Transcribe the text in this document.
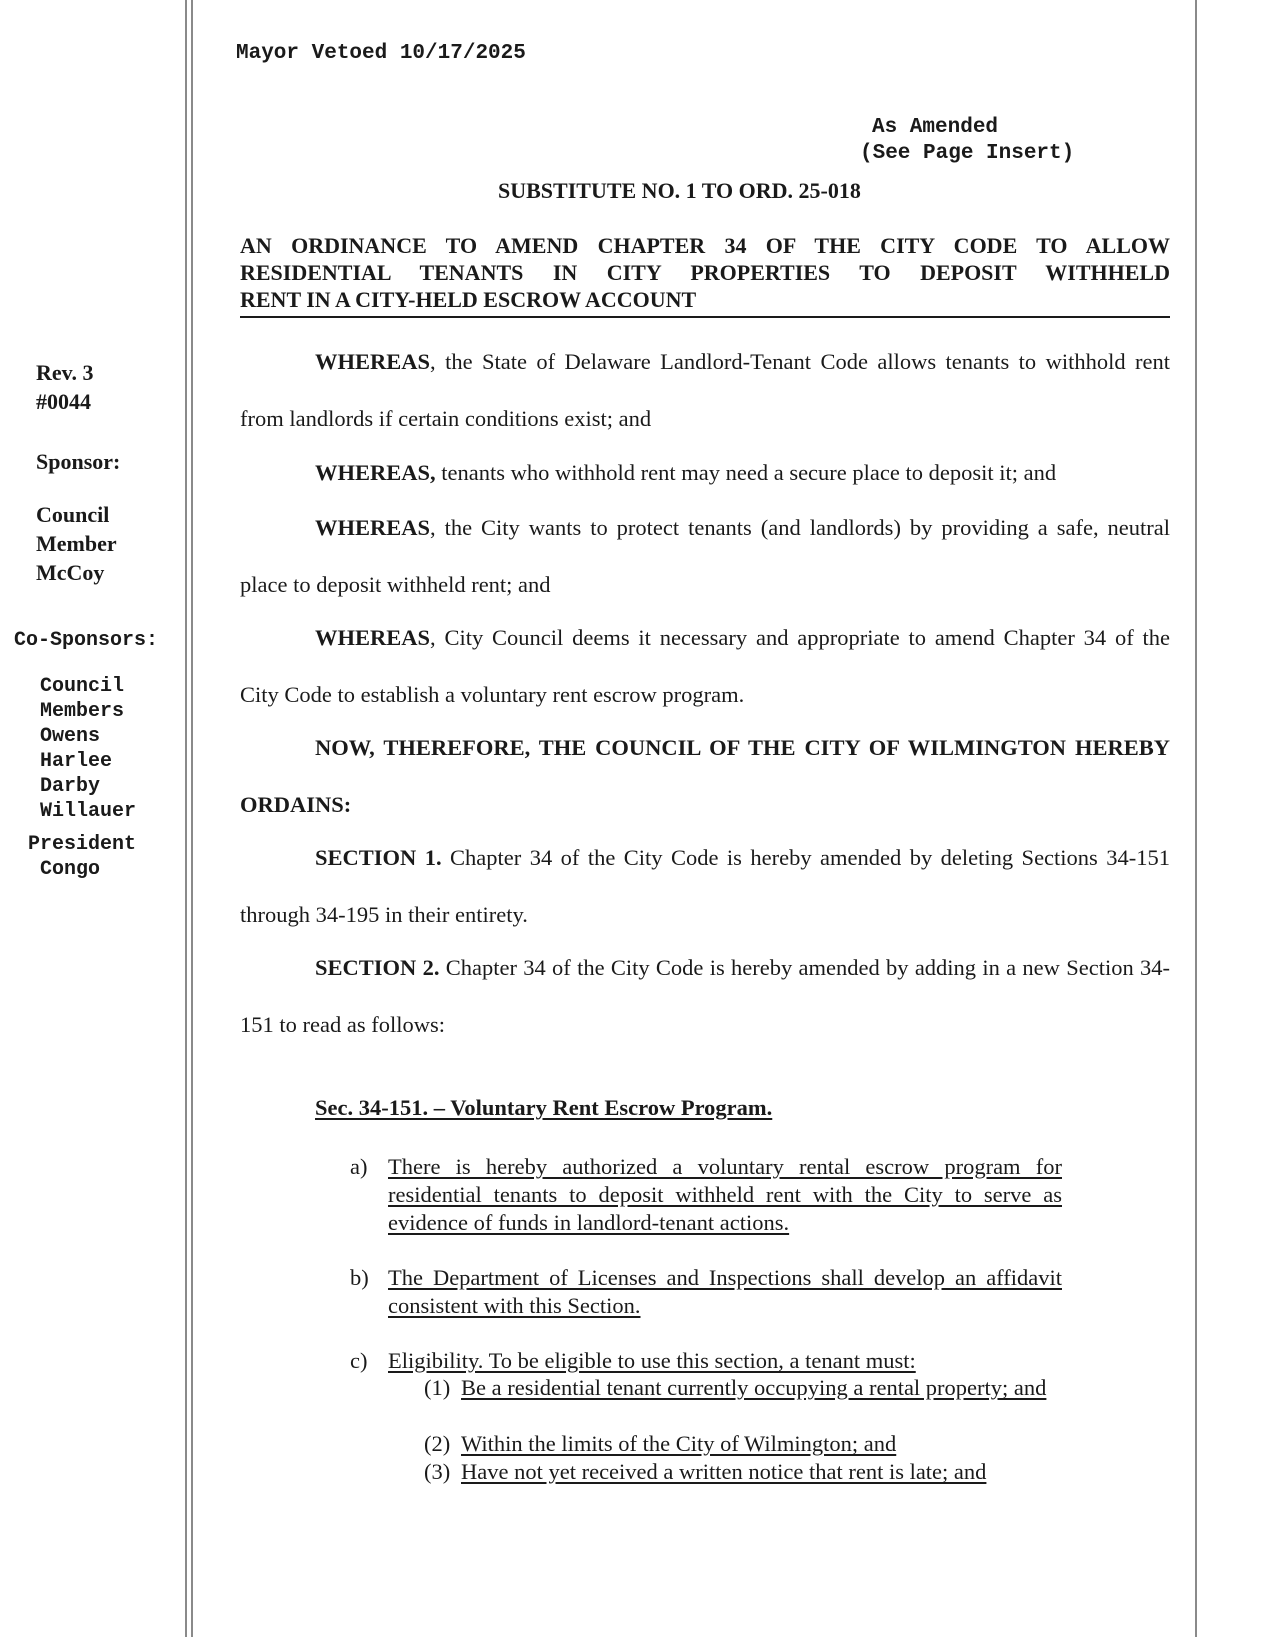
Mayor Vetoed 10/17/2025
As Amended
(See Page Insert)
SUBSTITUTE NO. 1 TO ORD. 25-018
AN ORDINANCE TO AMEND CHAPTER 34 OF THE CITY CODE TO ALLOW
RESIDENTIAL TENANTS IN CITY PROPERTIES TO DEPOSIT WITHHELD
RENT IN A CITY-HELD ESCROW ACCOUNT
Rev. 3
#0044
Sponsor:
Council
Member
McCoy
Co-Sponsors:
Council
Members
Owens
Harlee
Darby
Willauer
President
Congo
WHEREAS, the State of Delaware Landlord-Tenant Code allows tenants to withhold rent from landlords if certain conditions exist; and
WHEREAS, tenants who withhold rent may need a secure place to deposit it; and
WHEREAS, the City wants to protect tenants (and landlords) by providing a safe, neutral place to deposit withheld rent; and
WHEREAS, City Council deems it necessary and appropriate to amend Chapter 34 of the City Code to establish a voluntary rent escrow program.
NOW, THEREFORE, THE COUNCIL OF THE CITY OF WILMINGTON HEREBY ORDAINS:
SECTION 1. Chapter 34 of the City Code is hereby amended by deleting Sections 34-151 through 34-195 in their entirety.
SECTION 2. Chapter 34 of the City Code is hereby amended by adding in a new Section 34-151 to read as follows:
Sec. 34-151. – Voluntary Rent Escrow Program.
a) There is hereby authorized a voluntary rental escrow program for residential tenants to deposit withheld rent with the City to serve as evidence of funds in landlord-tenant actions.
b) The Department of Licenses and Inspections shall develop an affidavit consistent with this Section.
c) Eligibility. To be eligible to use this section, a tenant must:
(1) Be a residential tenant currently occupying a rental property; and
(2) Within the limits of the City of Wilmington; and
(3) Have not yet received a written notice that rent is late; and
